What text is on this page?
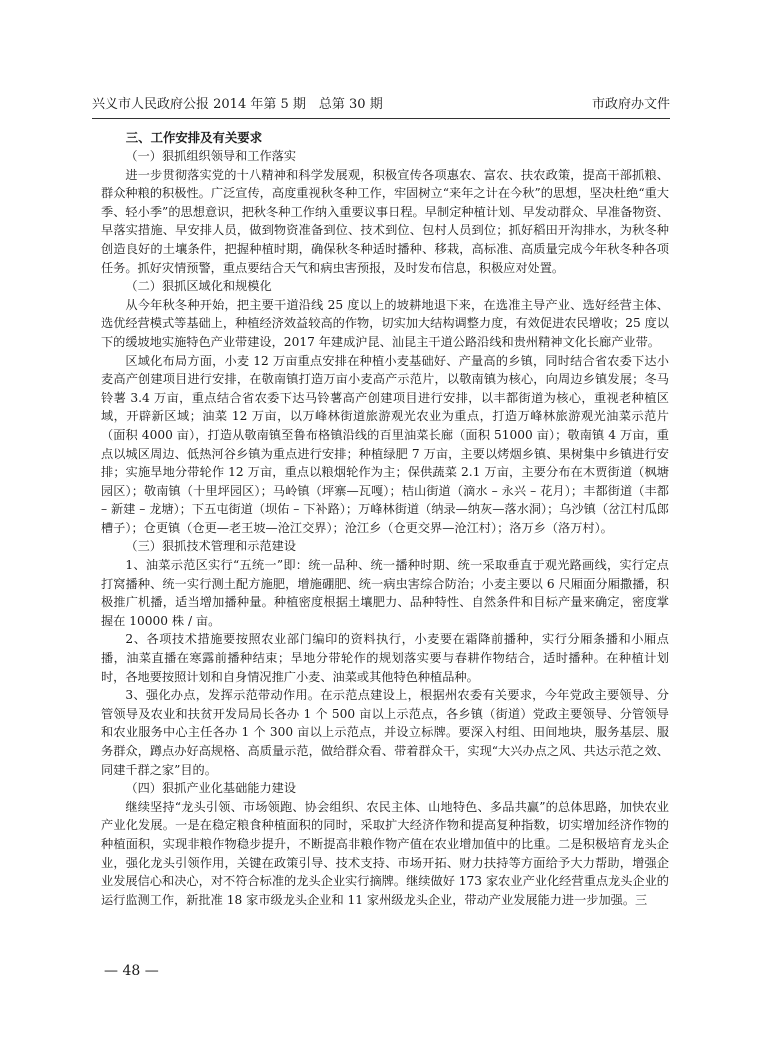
兴义市人民政府公报 2014 年第 5 期　总第 30 期	市政府办文件
三、工作安排及有关要求
（一）狠抓组织领导和工作落实

进一步贯彻落实党的十八精神和科学发展观，积极宣传各项惠农、富农、扶农政策，提高干部抓粮、群众种粮的积极性。广泛宣传，高度重视秋冬种工作，牢固树立“来年之计在今秋”的思想，坚决杜绝“重大季、轻小季”的思想意识，把秋冬种工作纳入重要议事日程。早制定种植计划、早发动群众、早准备物资、早落实措施、早安排人员，做到物资准备到位、技术到位、包村人员到位；抓好稻田开沟排水，为秋冬种创造良好的土壤条件，把握种植时期，确保秋冬种适时播种、移栽，高标准、高质量完成今年秋冬种各项任务。抓好灾情预警，重点要结合天气和病虫害预报，及时发布信息，积极应对处置。

（二）狠抓区域化和规模化

从今年秋冬种开始，把主要干道沿线 25 度以上的坡耕地退下来，在选准主导产业、选好经营主体、选优经营模式等基础上，种植经济效益较高的作物，切实加大结构调整力度，有效促进农民增收；25 度以下的缓坡地实施特色产业带建设，2017 年建成沪昆、汕昆主干道公路沿线和贵州精神文化长廊产业带。

区域化布局方面，小麦 12 万亩重点安排在种植小麦基础好、产量高的乡镇，同时结合省农委下达小麦高产创建项目进行安排，在敬南镇打造万亩小麦高产示范片，以敬南镇为核心，向周边乡镇发展；冬马铃薯 3.4 万亩，重点结合省农委下达马铃薯高产创建项目进行安排，以丰都街道为核心，重视老种植区域，开辟新区域；油菜 12 万亩，以万峰林街道旅游观光农业为重点，打造万峰林旅游观光油菜示范片（面积 4000 亩），打造从敬南镇至鲁布格镇沿线的百里油菜长廊（面积 51000 亩）；敬南镇 4 万亩，重点以城区周边、低热河谷乡镇为重点进行安排；种植绿肥 7 万亩，主要以烤烟乡镇、果树集中乡镇进行安排；实施旱地分带轮作 12 万亩，重点以粮烟轮作为主；保供蔬菜 2.1 万亩，主要分布在木贾街道（枫塘园区）；敬南镇（十里坪园区）；马岭镇（坪寨—瓦嘎）；桔山街道（滴水 – 永兴 – 花月）；丰都街道（丰都 – 新建 – 龙塘）；下五屯街道（坝佑 – 下补路）；万峰林街道（纳录—纳灰—落水洞）；乌沙镇（岔江村瓜郎槽子）；仓更镇（仓更—老王坡—沧江交界）；沧江乡（仓更交界—沧江村）；洛万乡（洛万村）。

（三）狠抓技术管理和示范建设

1、油菜示范区实行“五统一”即：统一品种、统一播种时期、统一采取垂直于观光路画线，实行定点打窝播种、统一实行测土配方施肥，增施硼肥、统一病虫害综合防治；小麦主要以 6 尺厢面分厢撒播，积极推广机播，适当增加播种量。种植密度根据土壤肥力、品种特性、自然条件和目标产量来确定，密度掌握在 10000 株 / 亩。

2、各项技术措施要按照农业部门编印的资料执行，小麦要在霜降前播种，实行分厢条播和小厢点播，油菜直播在寒露前播种结束；旱地分带轮作的规划落实要与春耕作物结合，适时播种。在种植计划时，各地要按照计划和自身情况推广小麦、油菜或其他特色种植品种。

3、强化办点，发挥示范带动作用。在示范点建设上，根据州农委有关要求，今年党政主要领导、分管领导及农业和扶贫开发局局长各办 1 个 500 亩以上示范点，各乡镇（街道）党政主要领导、分管领导和农业服务中心主任各办 1 个 300 亩以上示范点，并设立标牌。要深入村组、田间地块，服务基层、服务群众，蹲点办好高规格、高质量示范，做给群众看、带着群众干，实现“大兴办点之风、共达示范之效、同建千群之家”目的。

（四）狠抓产业化基础能力建设

继续坚持“龙头引领、市场领跑、协会组织、农民主体、山地特色、多品共赢”的总体思路，加快农业产业化发展。一是在稳定粮食种植面积的同时，采取扩大经济作物和提高复种指数，切实增加经济作物的种植面积，实现非粮作物稳步提升，不断提高非粮作物产值在农业增加值中的比重。二是积极培育龙头企业，强化龙头引领作用，关键在政策引导、技术支持、市场开拓、财力扶持等方面给予大力帮助，增强企业发展信心和决心，对不符合标准的龙头企业实行摘牌。继续做好 173 家农业产业化经营重点龙头企业的运行监测工作，新批准 18 家市级龙头企业和 11 家州级龙头企业，带动产业发展能力进一步加强。三

— 48 —
